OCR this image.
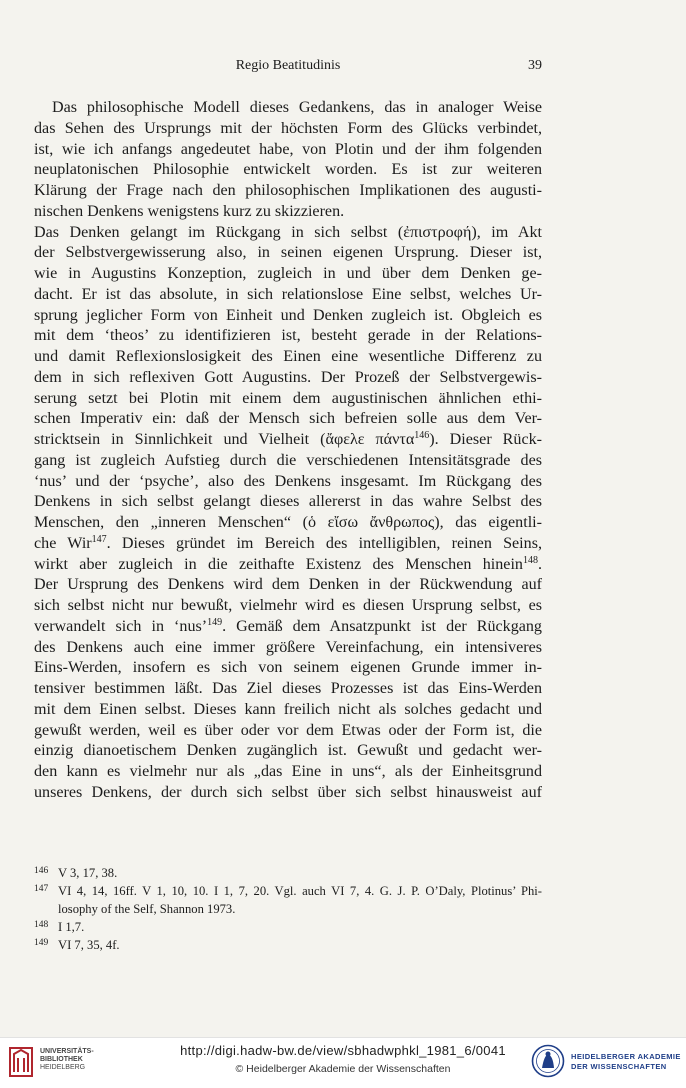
Regio Beatitudinis	39
Das philosophische Modell dieses Gedankens, das in analoger Weise
das Sehen des Ursprungs mit der höchsten Form des Glücks verbindet,
ist, wie ich anfangs angedeutet habe, von Plotin und der ihm folgenden
neuplatonischen Philosophie entwickelt worden. Es ist zur weiteren
Klärung der Frage nach den philosophischen Implikationen des augusti-
nischen Denkens wenigstens kurz zu skizzieren.
Das Denken gelangt im Rückgang in sich selbst (ἐπιστροφή), im Akt
der Selbstvergewisserung also, in seinen eigenen Ursprung. Dieser ist,
wie in Augustins Konzeption, zugleich in und über dem Denken ge-
dacht. Er ist das absolute, in sich relationslose Eine selbst, welches Ur-
sprung jeglicher Form von Einheit und Denken zugleich ist. Obgleich es
mit dem ‘theos’ zu identifizieren ist, besteht gerade in der Relations-
und damit Reflexionslosigkeit des Einen eine wesentliche Differenz zu
dem in sich reflexiven Gott Augustins. Der Prozeß der Selbstvergewis-
serung setzt bei Plotin mit einem dem augustinischen ähnlichen ethi-
schen Imperativ ein: daß der Mensch sich befreien solle aus dem Ver-
stricktsein in Sinnlichkeit und Vielheit (ἄφελε πάντα$^{146}$). Dieser Rück-
gang ist zugleich Aufstieg durch die verschiedenen Intensitätsgrade des
‘nus’ und der ‘psyche’, also des Denkens insgesamt. Im Rückgang des
Denkens in sich selbst gelangt dieses allererst in das wahre Selbst des
Menschen, den „inneren Menschen“ (ὁ εἴσω ἄνθρωπος), das eigentli-
che Wir$^{147}$. Dieses gründet im Bereich des intelligiblen, reinen Seins,
wirkt aber zugleich in die zeithafte Existenz des Menschen hinein$^{148}$.
Der Ursprung des Denkens wird dem Denken in der Rückwendung auf
sich selbst nicht nur bewußt, vielmehr wird es diesen Ursprung selbst, es
verwandelt sich in ‘nus’$^{149}$. Gemäß dem Ansatzpunkt ist der Rückgang
des Denkens auch eine immer größere Vereinfachung, ein intensiveres
Eins-Werden, insofern es sich von seinem eigenen Grunde immer in-
tensiver bestimmen läßt. Das Ziel dieses Prozesses ist das Eins-Werden
mit dem Einen selbst. Dieses kann freilich nicht als solches gedacht und
gewußt werden, weil es über oder vor dem Etwas oder der Form ist, die
einzig dianoetischem Denken zugänglich ist. Gewußt und gedacht wer-
den kann es vielmehr nur als „das Eine in uns“, als der Einheitsgrund
unseres Denkens, der durch sich selbst über sich selbst hinausweist auf
146 V 3, 17, 38.
147 VI 4, 14, 16ff. V 1, 10, 10. I 1, 7, 20. Vgl. auch VI 7, 4. G. J. P. O’Daly, Plotinus’ Phi-
losophy of the Self, Shannon 1973.
148 I 1,7.
149 VI 7, 35, 4f.
UNIVERSITÄTS-
BIBLIOTHEK
HEIDELBERG
http://digi.hadw-bw.de/view/sbhadwphkl_1981_6/0041
© Heidelberger Akademie der Wissenschaften
HEIDELBERGER AKADEMIE
DER WISSENSCHAFTEN
